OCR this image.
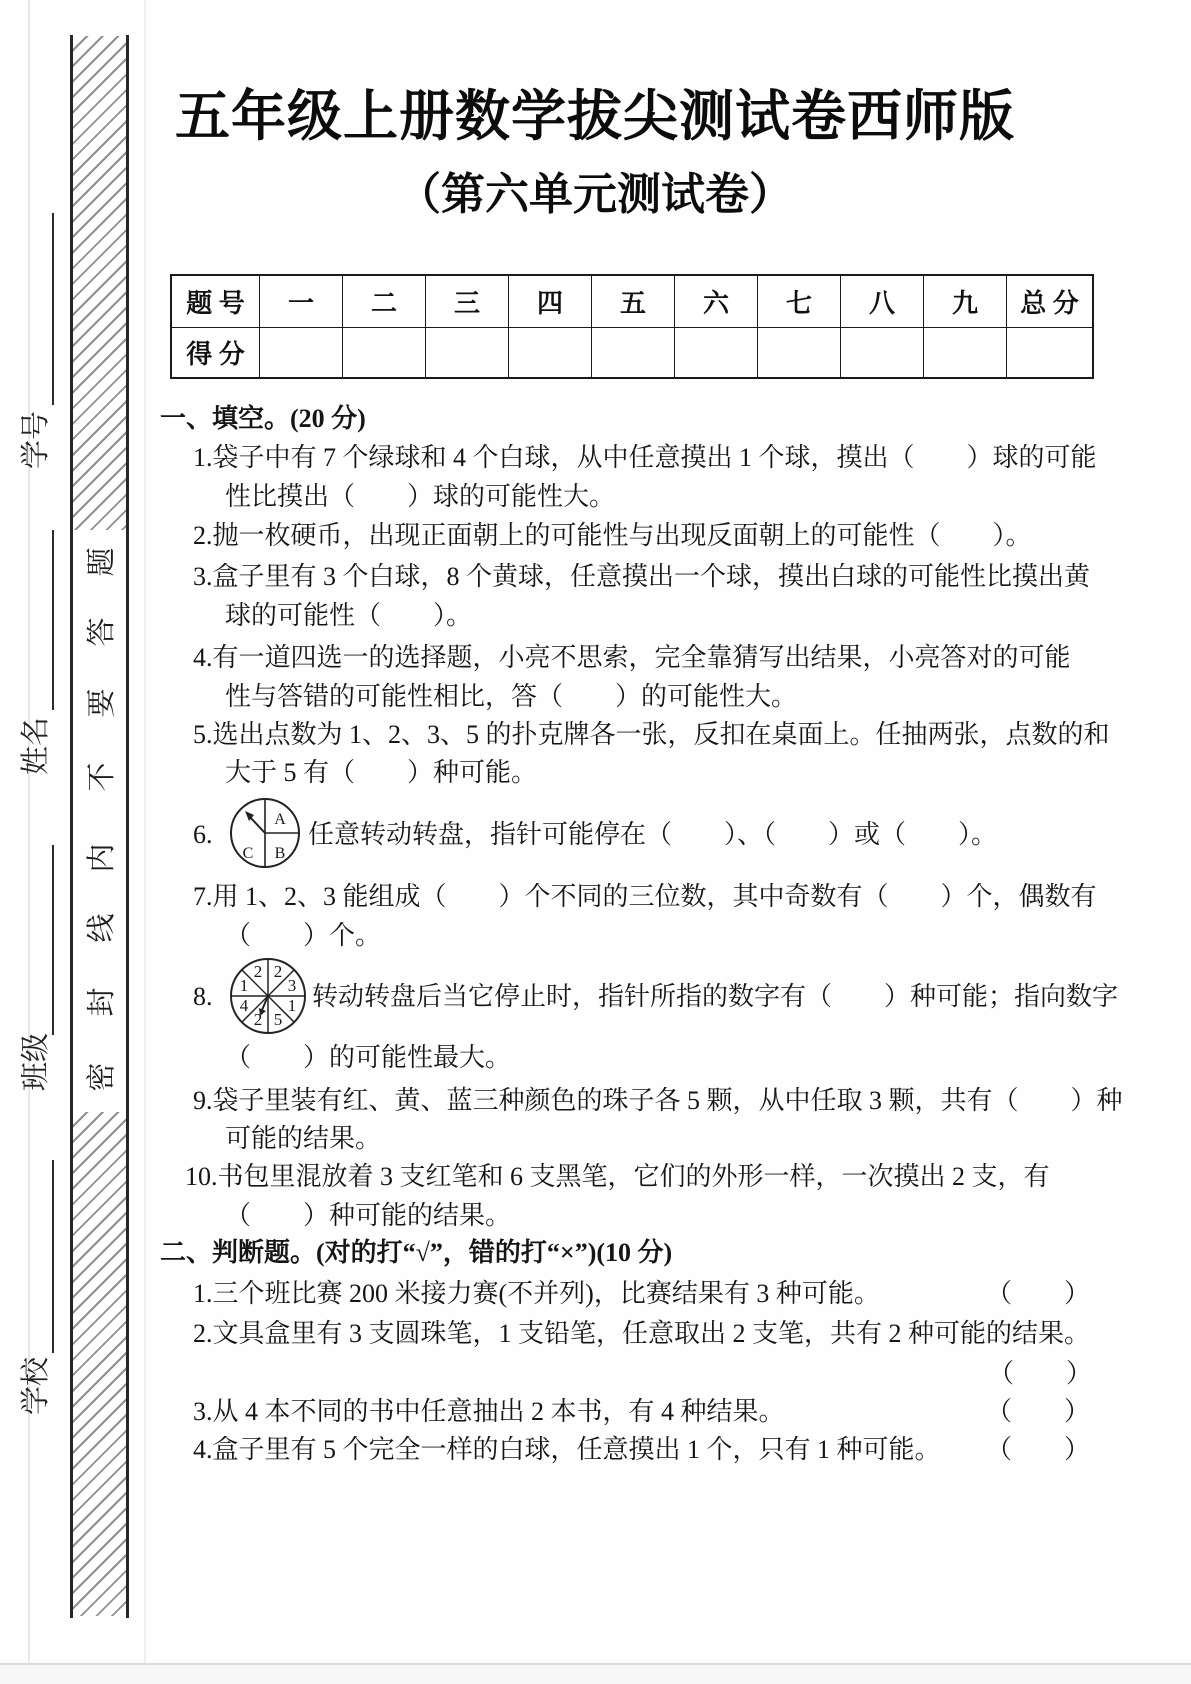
题
答
要
不
内
线
封
密
学号
姓名
班级
学校
五年级上册数学拔尖测试卷西师版
（第六单元测试卷）
题 号	一	二	三	四	五	六	七	八	九	总 分
得 分
一、填空。(20 分)
1.袋子中有 7 个绿球和 4 个白球，从中任意摸出 1 个球，摸出（　　）球的可能
性比摸出（　　）球的可能性大。
2.抛一枚硬币，出现正面朝上的可能性与出现反面朝上的可能性（　　）。
3.盒子里有 3 个白球，8 个黄球，任意摸出一个球，摸出白球的可能性比摸出黄
球的可能性（　　）。
4.有一道四选一的选择题，小亮不思索，完全靠猜写出结果，小亮答对的可能
性与答错的可能性相比，答（　　）的可能性大。
5.选出点数为 1、2、3、5 的扑克牌各一张，反扣在桌面上。任抽两张，点数的和
大于 5 有（　　）种可能。
6.
A
B
C
任意转动转盘，指针可能停在（　　）、（　　）或（　　）。
7.用 1、2、3 能组成（　　）个不同的三位数，其中奇数有（　　）个，偶数有
（　　）个。
8.
2
3
1
5
2
4
1
2
转动转盘后当它停止时，指针所指的数字有（　　）种可能；指向数字
（　　）的可能性最大。
9.袋子里装有红、黄、蓝三种颜色的珠子各 5 颗，从中任取 3 颗，共有（　　）种
可能的结果。
10.书包里混放着 3 支红笔和 6 支黑笔，它们的外形一样，一次摸出 2 支，有
（　　）种可能的结果。
二、判断题。(对的打“√”，错的打“×”)(10 分)
1.三个班比赛 200 米接力赛(不并列)，比赛结果有 3 种可能。	（　　）
2.文具盒里有 3 支圆珠笔，1 支铅笔，任意取出 2 支笔，共有 2 种可能的结果。
（　　）
3.从 4 本不同的书中任意抽出 2 本书，有 4 种结果。	（　　）
4.盒子里有 5 个完全一样的白球，任意摸出 1 个，只有 1 种可能。 （　　）
